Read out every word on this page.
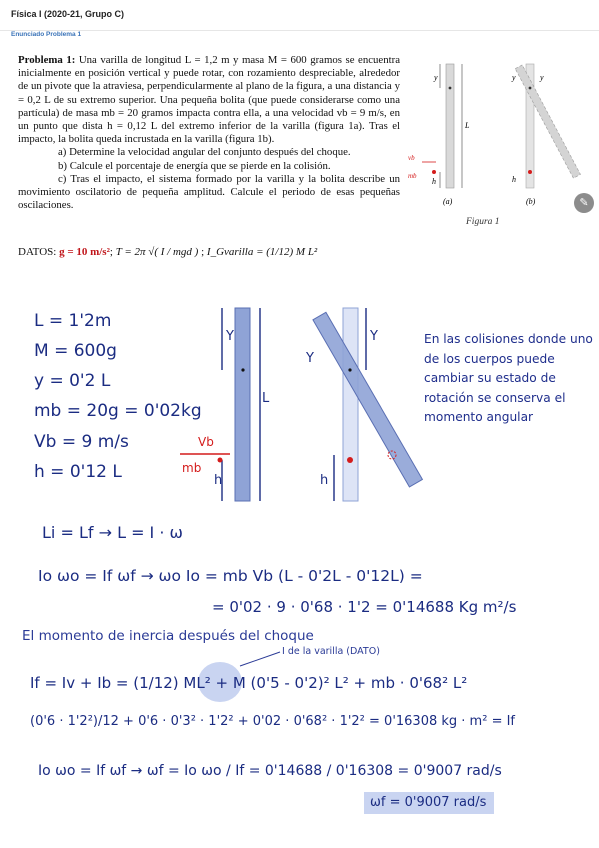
Física I (2020-21, Grupo C)
Enunciado Problema 1
Problema 1: Una varilla de longitud L = 1,2 m y masa M = 600 gramos se encuentra inicialmente en posición vertical y puede rotar, con rozamiento despreciable, alrededor de un pivote que la atraviesa, perpendicularmente al plano de la figura, a una distancia y = 0,2 L de su extremo superior. Una pequeña bolita (que puede considerarse como una partícula) de masa mb = 20 gramos impacta contra ella, a una velocidad vb = 9 m/s, en un punto que dista h = 0,12 L del extremo inferior de la varilla (figura 1a). Tras el impacto, la bolita queda incrustada en la varilla (figura 1b).
a) Determine la velocidad angular del conjunto después del choque.
b) Calcule el porcentaje de energía que se pierde en la colisión.
c) Tras el impacto, el sistema formado por la varilla y la bolita describe un movimiento oscilatorio de pequeña amplitud. Calcule el periodo de esas pequeñas oscilaciones.
DATOS: g = 10 m/s²; T = 2π √( I / mgd ) ; I_Gvarilla = (1/12) M L²
y
L
vb
mb
h
(a)
y	y
h
(b)
Figura 1
✎
L = 1'2m
M = 600g
y = 0'2 L
mb = 20g = 0'02kg
Vb = 9 m/s
h = 0'12 L
Y
L
Vb
mb
h
Y
Y
h
Li = Lf → L = I · ω
Io ωo = If ωf → ωo Io = mb Vb (L - 0'2L - 0'12L) =
= 0'02 · 9 · 0'68 · 1'2 = 0'14688 Kg m²/s
I de la varilla (DATO)
If = Iv + Ib = (1/12) ML² + M (0'5 - 0'2)² L² + mb · 0'68² L²
(0'6 · 1'2²)/12 + 0'6 · 0'3² · 1'2² + 0'02 · 0'68² · 1'2² = 0'16308 kg · m² = If
Io ωo = If ωf → ωf = Io ωo / If = 0'14688 / 0'16308 = 0'9007 rad/s
En las colisiones donde uno de los cuerpos puede cambiar su estado de rotación se conserva el momento angular
El momento de inercia después del choque
ωf = 0'9007 rad/s
